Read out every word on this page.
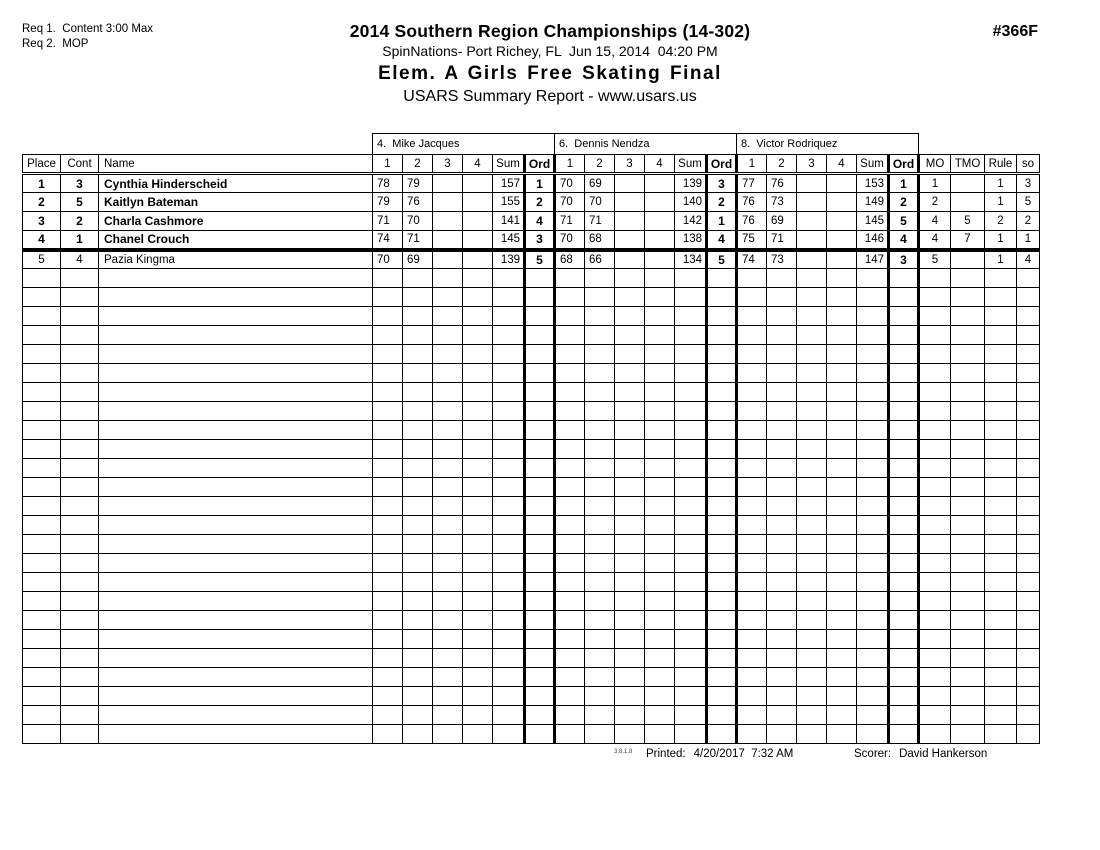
Req 1.  Content 3:00 Max
Req 2.  MOP
2014 Southern Region Championships (14-302)
SpinNations- Port Richey, FL  Jun 15, 2014  04:20 PM
Elem. A Girls Free Skating Final
USARS Summary Report - www.usars.us
#366F
			4.  Mike Jacques						6.  Dennis Nendza						8.  Victor Rodriquez									
Place	Cont	Name	1	2	3	4	Sum	Ord	1	2	3	4	Sum	Ord	1	2	3	4	Sum	Ord	MO	TMO	Rule	so
1	3	Cynthia Hinderscheid	78	79			157	1	70	69			139	3	77	76			153	1	1		1	3
2	5	Kaitlyn Bateman	79	76			155	2	70	70			140	2	76	73			149	2	2		1	5
3	2	Charla Cashmore	71	70			141	4	71	71			142	1	76	69			145	5	4	5	2	2
4	1	Chanel Crouch	74	71			145	3	70	68			138	4	75	71			146	4	4	7	1	1
5	4	Pazia Kingma	70	69			139	5	68	66			134	5	74	73			147	3	5		1	4

3.8.1.8 Printed: 4/20/2017  7:32 AM	Scorer: David Hankerson
